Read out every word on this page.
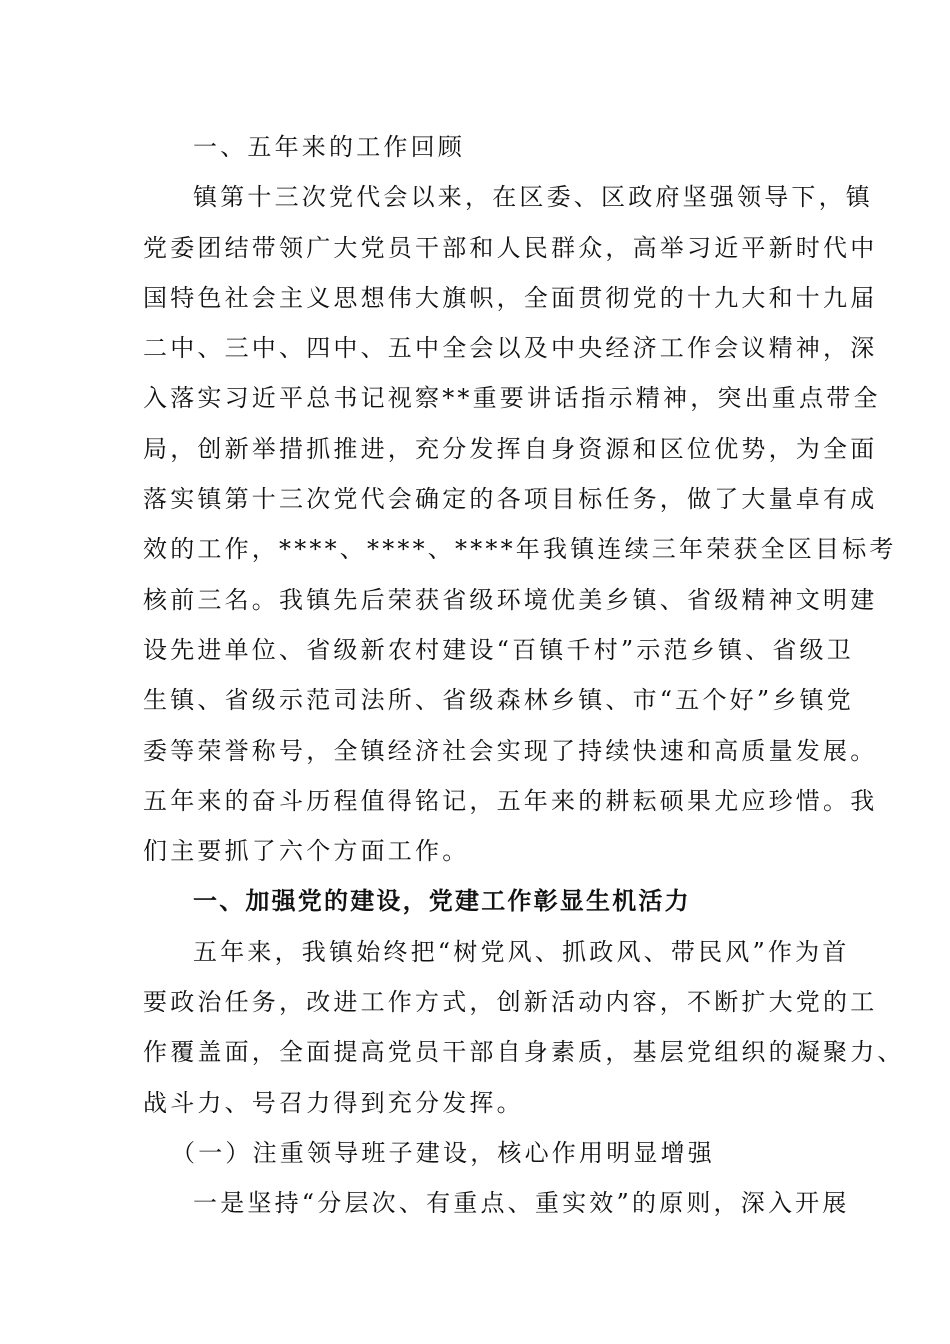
一、五年来的工作回顾
镇第十三次党代会以来，在区委、区政府坚强领导下，镇
党委团结带领广大党员干部和人民群众，高举习近平新时代中
国特色社会主义思想伟大旗帜，全面贯彻党的十九大和十九届
二中、三中、四中、五中全会以及中央经济工作会议精神，深
入落实习近平总书记视察**重要讲话指示精神，突出重点带全
局，创新举措抓推进，充分发挥自身资源和区位优势，为全面
落实镇第十三次党代会确定的各项目标任务，做了大量卓有成
效的工作，****、****、****年我镇连续三年荣获全区目标考
核前三名。我镇先后荣获省级环境优美乡镇、省级精神文明建
设先进单位、省级新农村建设“百镇千村”示范乡镇、省级卫
生镇、省级示范司法所、省级森林乡镇、市“五个好”乡镇党
委等荣誉称号，全镇经济社会实现了持续快速和高质量发展。
五年来的奋斗历程值得铭记，五年来的耕耘硕果尤应珍惜。我
们主要抓了六个方面工作。
一、加强党的建设，党建工作彰显生机活力
五年来，我镇始终把“树党风、抓政风、带民风”作为首
要政治任务，改进工作方式，创新活动内容，不断扩大党的工
作覆盖面，全面提高党员干部自身素质，基层党组织的凝聚力、
战斗力、号召力得到充分发挥。
（一）注重领导班子建设，核心作用明显增强
一是坚持“分层次、有重点、重实效”的原则，深入开展
